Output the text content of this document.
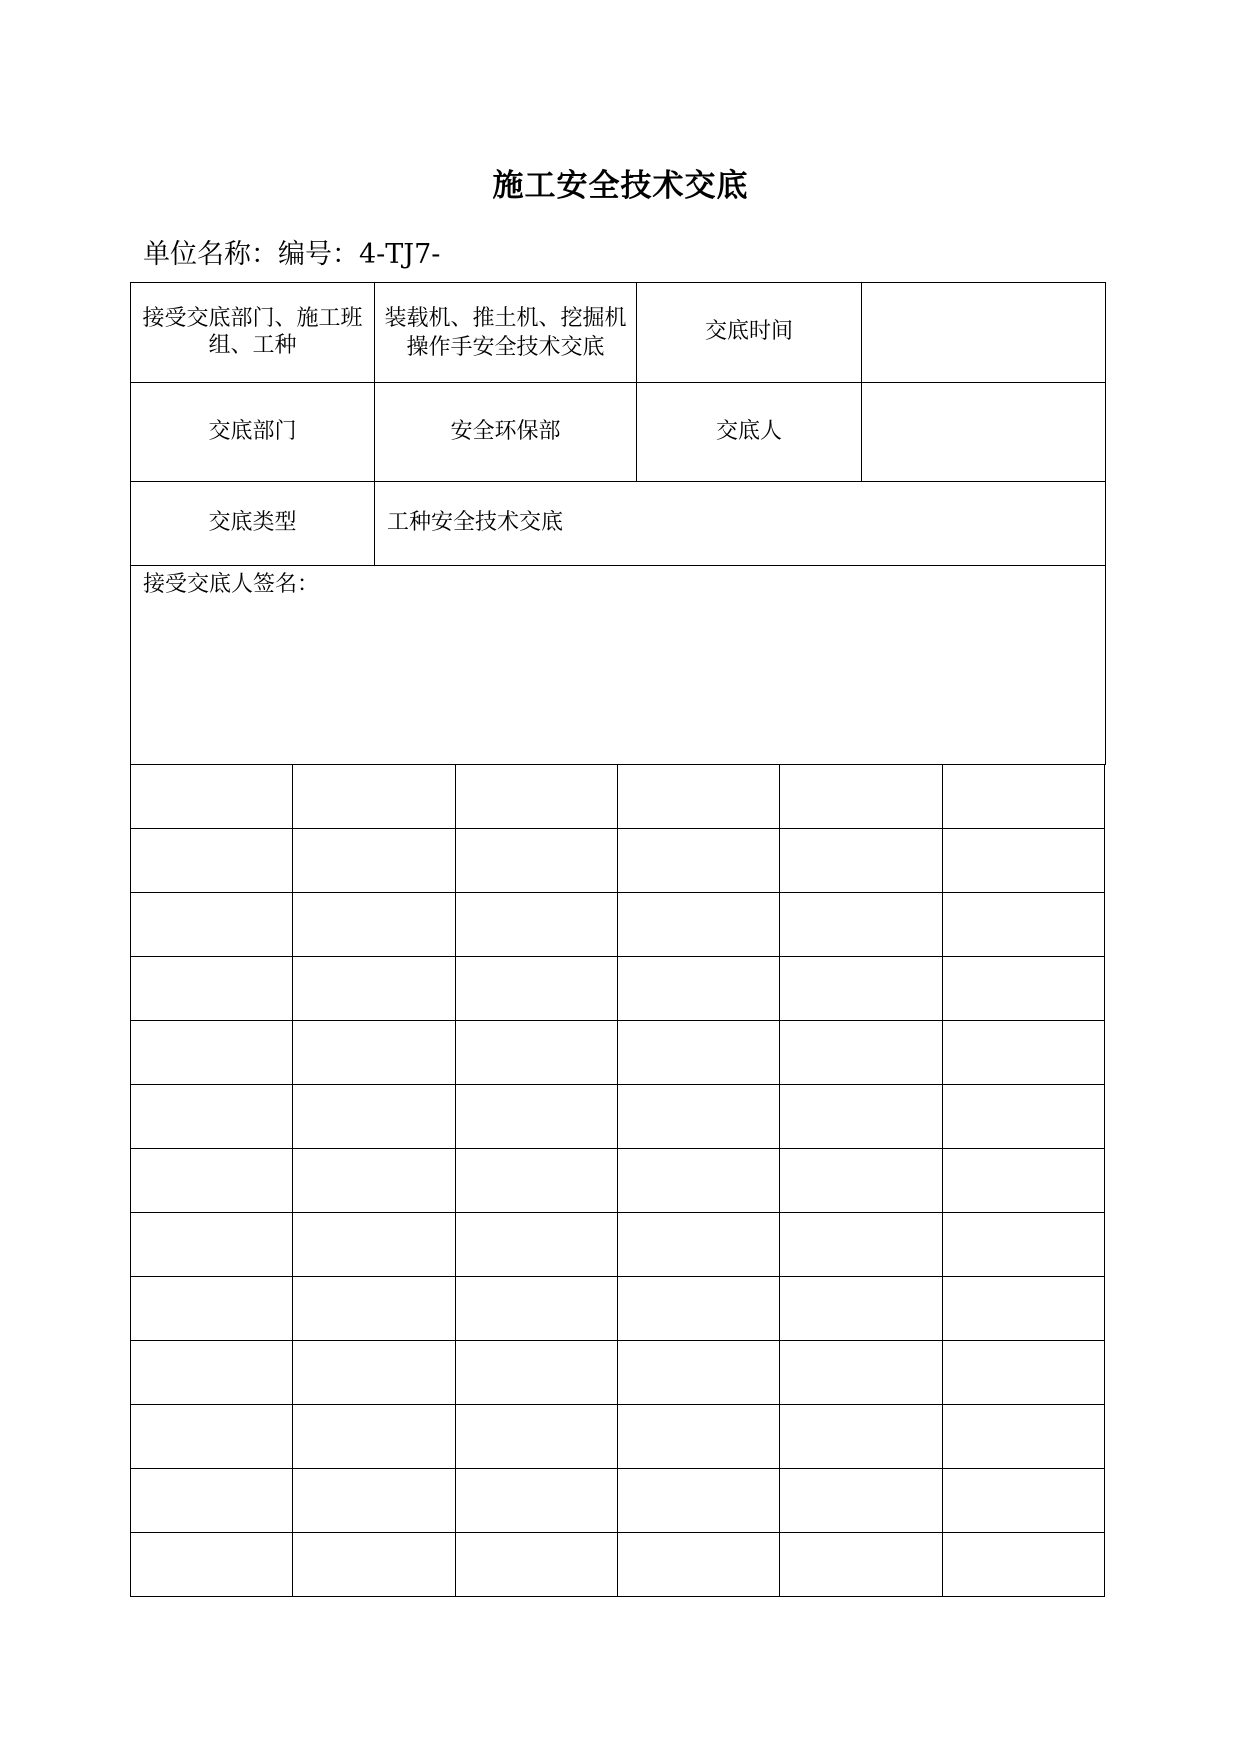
施工安全技术交底
单位名称：编号：4-TJ7-
接受交底部门、施工班组、工种	装载机、推土机、挖掘机操作手安全技术交底	交底时间	
交底部门	安全环保部	交底人	
交底类型	工种安全技术交底		
接受交底人签名：			
